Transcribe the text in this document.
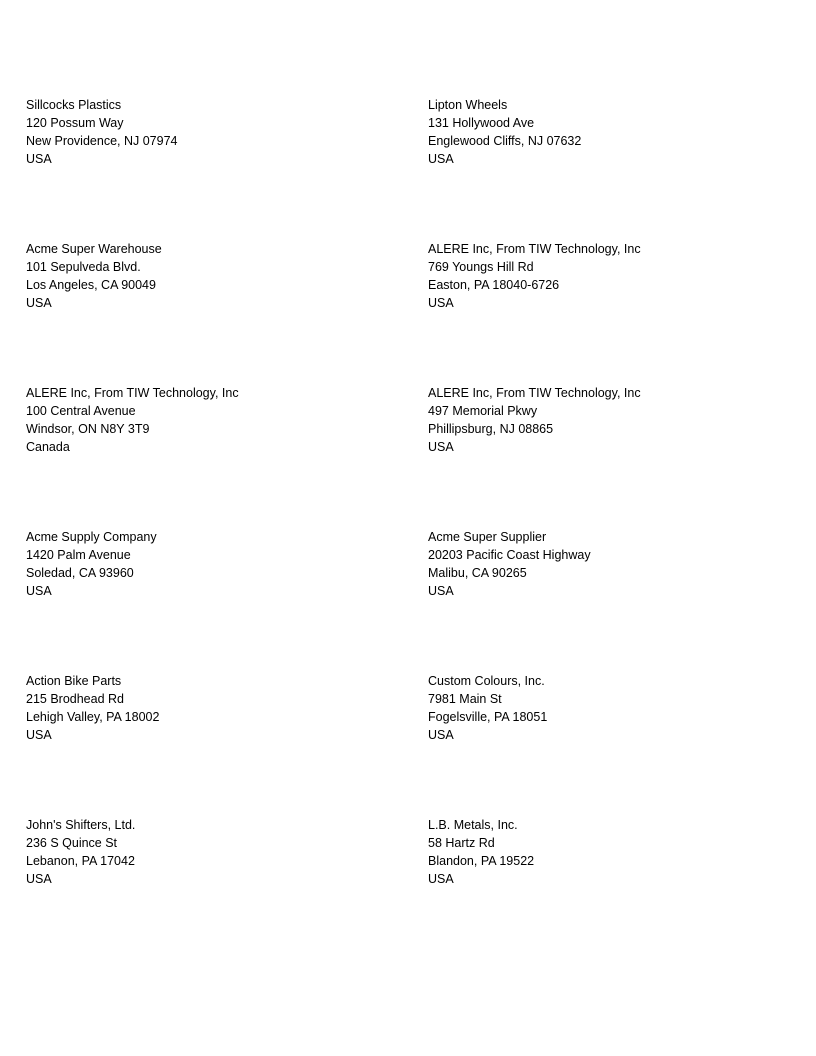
Sillcocks Plastics
120 Possum Way
New Providence, NJ 07974
USA
Lipton Wheels
131 Hollywood Ave
Englewood Cliffs, NJ 07632
USA
Acme Super Warehouse
101 Sepulveda Blvd.
Los Angeles, CA 90049
USA
ALERE Inc, From TIW Technology, Inc
769 Youngs Hill Rd
Easton, PA 18040-6726
USA
ALERE Inc, From TIW Technology, Inc
100 Central Avenue
Windsor, ON N8Y 3T9
Canada
ALERE Inc, From TIW Technology, Inc
497 Memorial Pkwy
Phillipsburg, NJ 08865
USA
Acme Supply Company
1420 Palm Avenue
Soledad, CA 93960
USA
Acme Super Supplier
20203 Pacific Coast Highway
Malibu, CA 90265
USA
Action Bike Parts
215 Brodhead Rd
Lehigh Valley, PA 18002
USA
Custom Colours, Inc.
7981 Main St
Fogelsville, PA 18051
USA
John's Shifters, Ltd.
236 S Quince St
Lebanon, PA 17042
USA
L.B. Metals, Inc.
58 Hartz Rd
Blandon, PA 19522
USA
